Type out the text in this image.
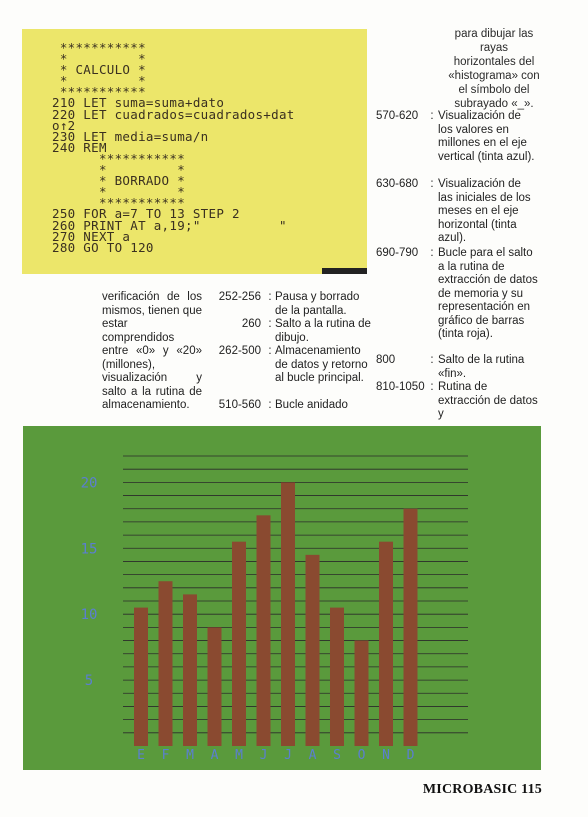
***********
*         *
* CALCULO *
*         *
***********
210 LET suma=suma+dato
220 LET cuadrados=cuadrados+dat
o↑2
230 LET media=suma/n
240 REM
***********
*         *
* BORRADO *
*         *
***********
250 FOR a=7 TO 13 STEP 2
260 PRINT AT a,19;"          "
270 NEXT a
280 GO TO 120
para dibujar las rayas horizontales del «histograma» con el símbolo del subrayado «_».

verificación de los mismos, tienen que estar comprendidos entre «0» y «20» (millones), visualización y salto a la rutina de almacenamiento.

252-256 : Pausa y borrado de la pantalla.
260 : Salto a la rutina de dibujo.
262-500 : Almacenamiento de datos y retorno al bucle principal.
510-560 : Bucle anidado
570-620	: Visualización de los valores en millones en el eje vertical (tinta azul).
630-680	: Visualización de las iniciales de los meses en el eje horizontal (tinta azul).
690-790	: Bucle para el salto a la rutina de extracción de datos de memoria y su representación en gráfico de barras (tinta roja).
800	: Salto de la rutina «fin».
810-1050 : Rutina de extracción de datos y
5
10
15
20
E F M A M J J A S O N D
MICROBASIC 115
